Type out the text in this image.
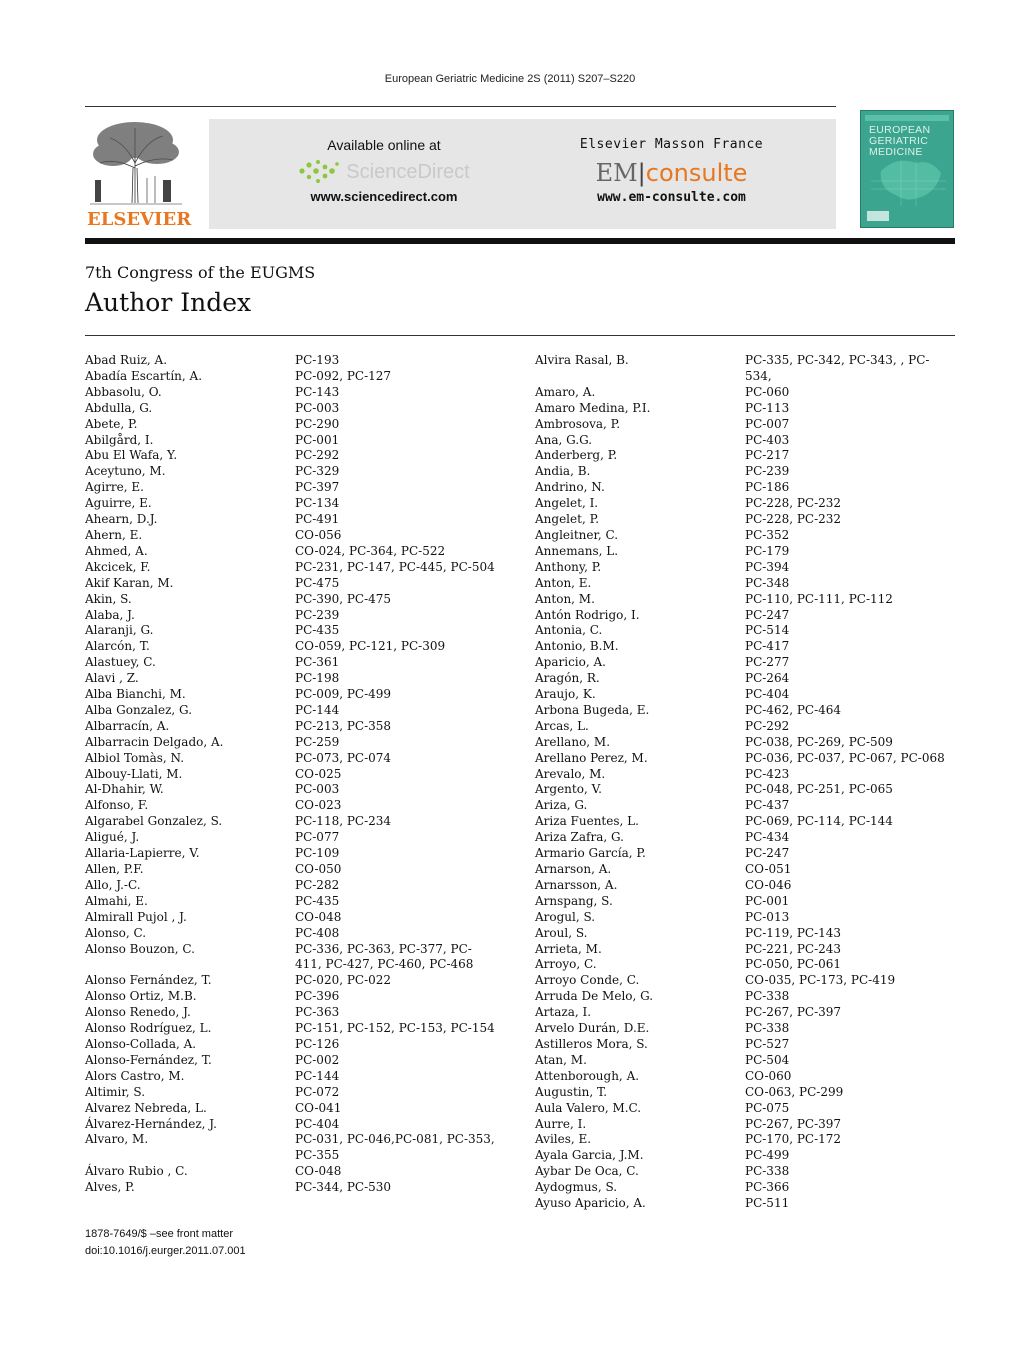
European Geriatric Medicine 2S (2011) S207–S220
ELSEVIER
Available online at
ScienceDirect
www.sciencedirect.com
Elsevier Masson France
EM|consulte
www.em-consulte.com
EUROPEAN
GERIATRIC
MEDICINE
7th Congress of the EUGMS
Author Index
Abad Ruiz, A.	PC-193
Abadía Escartín, A.	PC-092, PC-127
Abbasolu, O.	PC-143
Abdulla, G.	PC-003
Abete, P.	PC-290
Abilgård, I.	PC-001
Abu El Wafa, Y.	PC-292
Aceytuno, M.	PC-329
Agirre, E.	PC-397
Aguirre, E.	PC-134
Ahearn, D.J.	PC-491
Ahern, E.	CO-056
Ahmed, A.	CO-024, PC-364, PC-522
Akcicek, F.	PC-231, PC-147, PC-445, PC-504
Akif Karan, M.	PC-475
Akin, S.	PC-390, PC-475
Alaba, J.	PC-239
Alaranji, G.	PC-435
Alarcón, T.	CO-059, PC-121, PC-309
Alastuey, C.	PC-361
Alavi , Z.	PC-198
Alba Bianchi, M.	PC-009, PC-499
Alba Gonzalez, G.	PC-144
Albarracín, A.	PC-213, PC-358
Albarracin Delgado, A.	PC-259
Albiol Tomàs, N.	PC-073, PC-074
Albouy-Llati, M.	CO-025
Al-Dhahir, W.	PC-003
Alfonso, F.	CO-023
Algarabel Gonzalez, S.	PC-118, PC-234
Aligué, J.	PC-077
Allaria-Lapierre, V.	PC-109
Allen, P.F.	CO-050
Allo, J.-C.	PC-282
Almahi, E.	PC-435
Almirall Pujol , J.	CO-048
Alonso, C.	PC-408
Alonso Bouzon, C.	PC-336, PC-363, PC-377, PC-411, PC-427, PC-460, PC-468
Alonso Fernández, T.	PC-020, PC-022
Alonso Ortiz, M.B.	PC-396
Alonso Renedo, J.	PC-363
Alonso Rodríguez, L.	PC-151, PC-152, PC-153, PC-154
Alonso-Collada, A.	PC-126
Alonso-Fernández, T.	PC-002
Alors Castro, M.	PC-144
Altimir, S.	PC-072
Alvarez Nebreda, L.	CO-041
Álvarez-Hernández, J.	PC-404
Alvaro, M.	PC-031, PC-046,PC-081, PC-353, PC-355
Álvaro Rubio , C.	CO-048
Alves, P.	PC-344, PC-530
Alvira Rasal, B.	PC-335, PC-342, PC-343, , PC-534,
Amaro, A.	PC-060
Amaro Medina, P.I.	PC-113
Ambrosova, P.	PC-007
Ana, G.G.	PC-403
Anderberg, P.	PC-217
Andia, B.	PC-239
Andrino, N.	PC-186
Angelet, I.	PC-228, PC-232
Angelet, P.	PC-228, PC-232
Angleitner, C.	PC-352
Annemans, L.	PC-179
Anthony, P.	PC-394
Anton, E.	PC-348
Anton, M.	PC-110, PC-111, PC-112
Antón Rodrigo, I.	PC-247
Antonia, C.	PC-514
Antonio, B.M.	PC-417
Aparicio, A.	PC-277
Aragón, R.	PC-264
Araujo, K.	PC-404
Arbona Bugeda, E.	PC-462, PC-464
Arcas, L.	PC-292
Arellano, M.	PC-038, PC-269, PC-509
Arellano Perez, M.	PC-036, PC-037, PC-067, PC-068
Arevalo, M.	PC-423
Argento, V.	PC-048, PC-251, PC-065
Ariza, G.	PC-437
Ariza Fuentes, L.	PC-069, PC-114, PC-144
Ariza Zafra, G.	PC-434
Armario García, P.	PC-247
Arnarson, A.	CO-051
Arnarsson, A.	CO-046
Arnspang, S.	PC-001
Arogul, S.	PC-013
Aroul, S.	PC-119, PC-143
Arrieta, M.	PC-221, PC-243
Arroyo, C.	PC-050, PC-061
Arroyo Conde, C.	CO-035, PC-173, PC-419
Arruda De Melo, G.	PC-338
Artaza, I.	PC-267, PC-397
Arvelo Durán, D.E.	PC-338
Astilleros Mora, S.	PC-527
Atan, M.	PC-504
Attenborough, A.	CO-060
Augustin, T.	CO-063, PC-299
Aula Valero, M.C.	PC-075
Aurre, I.	PC-267, PC-397
Aviles, E.	PC-170, PC-172
Ayala Garcia, J.M.	PC-499
Aybar De Oca, C.	PC-338
Aydogmus, S.	PC-366
Ayuso Aparicio, A.	PC-511
1878-7649/$ –see front matter
doi:10.1016/j.eurger.2011.07.001
